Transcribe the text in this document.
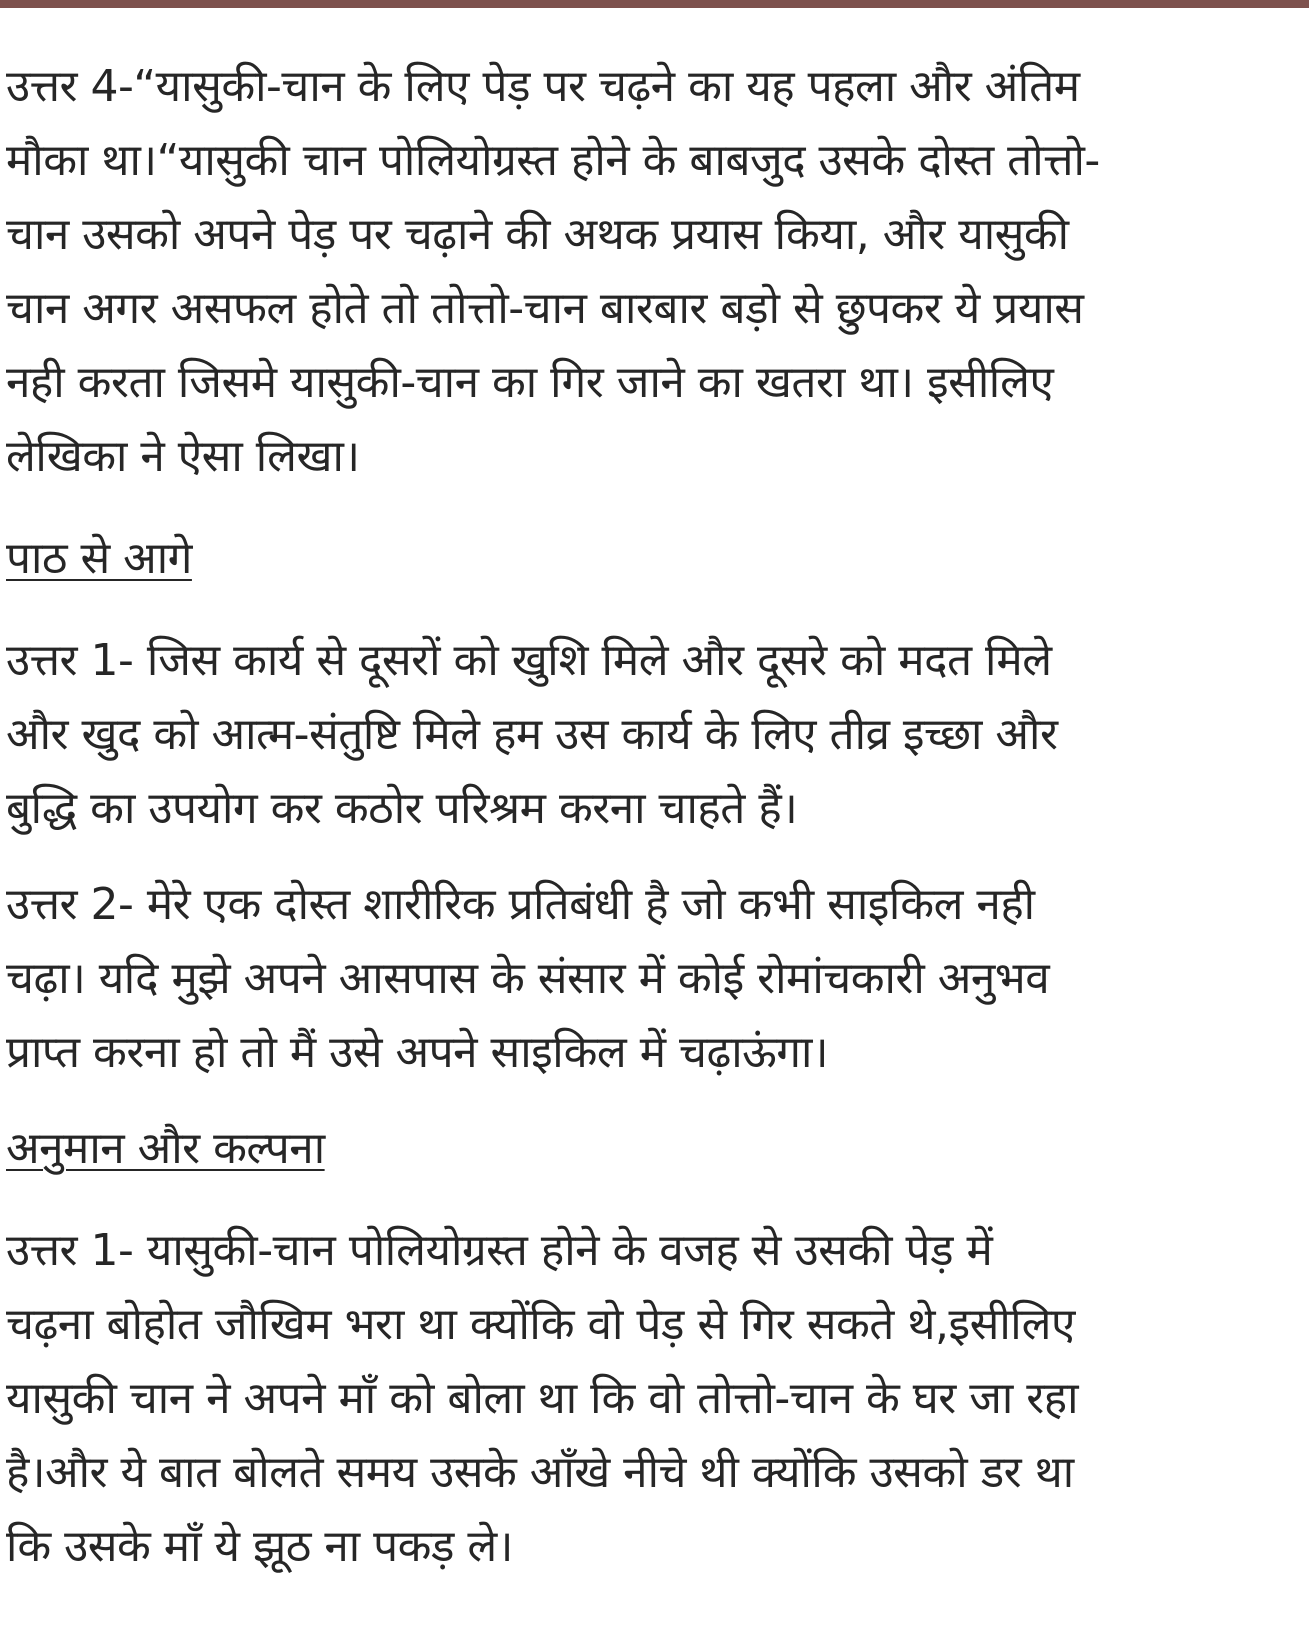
उत्तर 4-“यासुकी-चान के लिए पेड़ पर चढ़ने का यह पहला और अंतिम
मौका था।“यासुकी चान पोलियोग्रस्त होने के बाबजुद उसके दोस्त तोत्तो-
चान उसको अपने पेड़ पर चढ़ाने की अथक प्रयास किया, और यासुकी
चान अगर असफल होते तो तोत्तो-चान बारबार बड़ो से छुपकर ये प्रयास
नही करता जिसमे यासुकी-चान का गिर जाने का खतरा था। इसीलिए
लेखिका ने ऐसा लिखा।

पाठ से आगे

उत्तर 1- जिस कार्य से दूसरों को खुशि मिले और दूसरे को मदत मिले
और खुद को आत्म-संतुष्टि मिले हम उस कार्य के लिए तीव्र इच्छा और
बुद्धि का उपयोग कर कठोर परिश्रम करना चाहते हैं।

उत्तर 2- मेरे एक दोस्त शारीरिक प्रतिबंधी है जो कभी साइकिल नही
चढ़ा। यदि मुझे अपने आसपास के संसार में कोई रोमांचकारी अनुभव
प्राप्त करना हो तो मैं उसे अपने साइकिल में चढ़ाऊंगा।

अनुमान और कल्पना

उत्तर 1- यासुकी-चान पोलियोग्रस्त होने के वजह से उसकी पेड़ में
चढ़ना बोहोत जौखिम भरा था क्योंकि वो पेड़ से गिर सकते थे,इसीलिए
यासुकी चान ने अपने माँ को बोला था कि वो तोत्तो-चान के घर जा रहा
है।और ये बात बोलते समय उसके आँखे नीचे थी क्योंकि उसको डर था
कि उसके माँ ये झूठ ना पकड़ ले।
